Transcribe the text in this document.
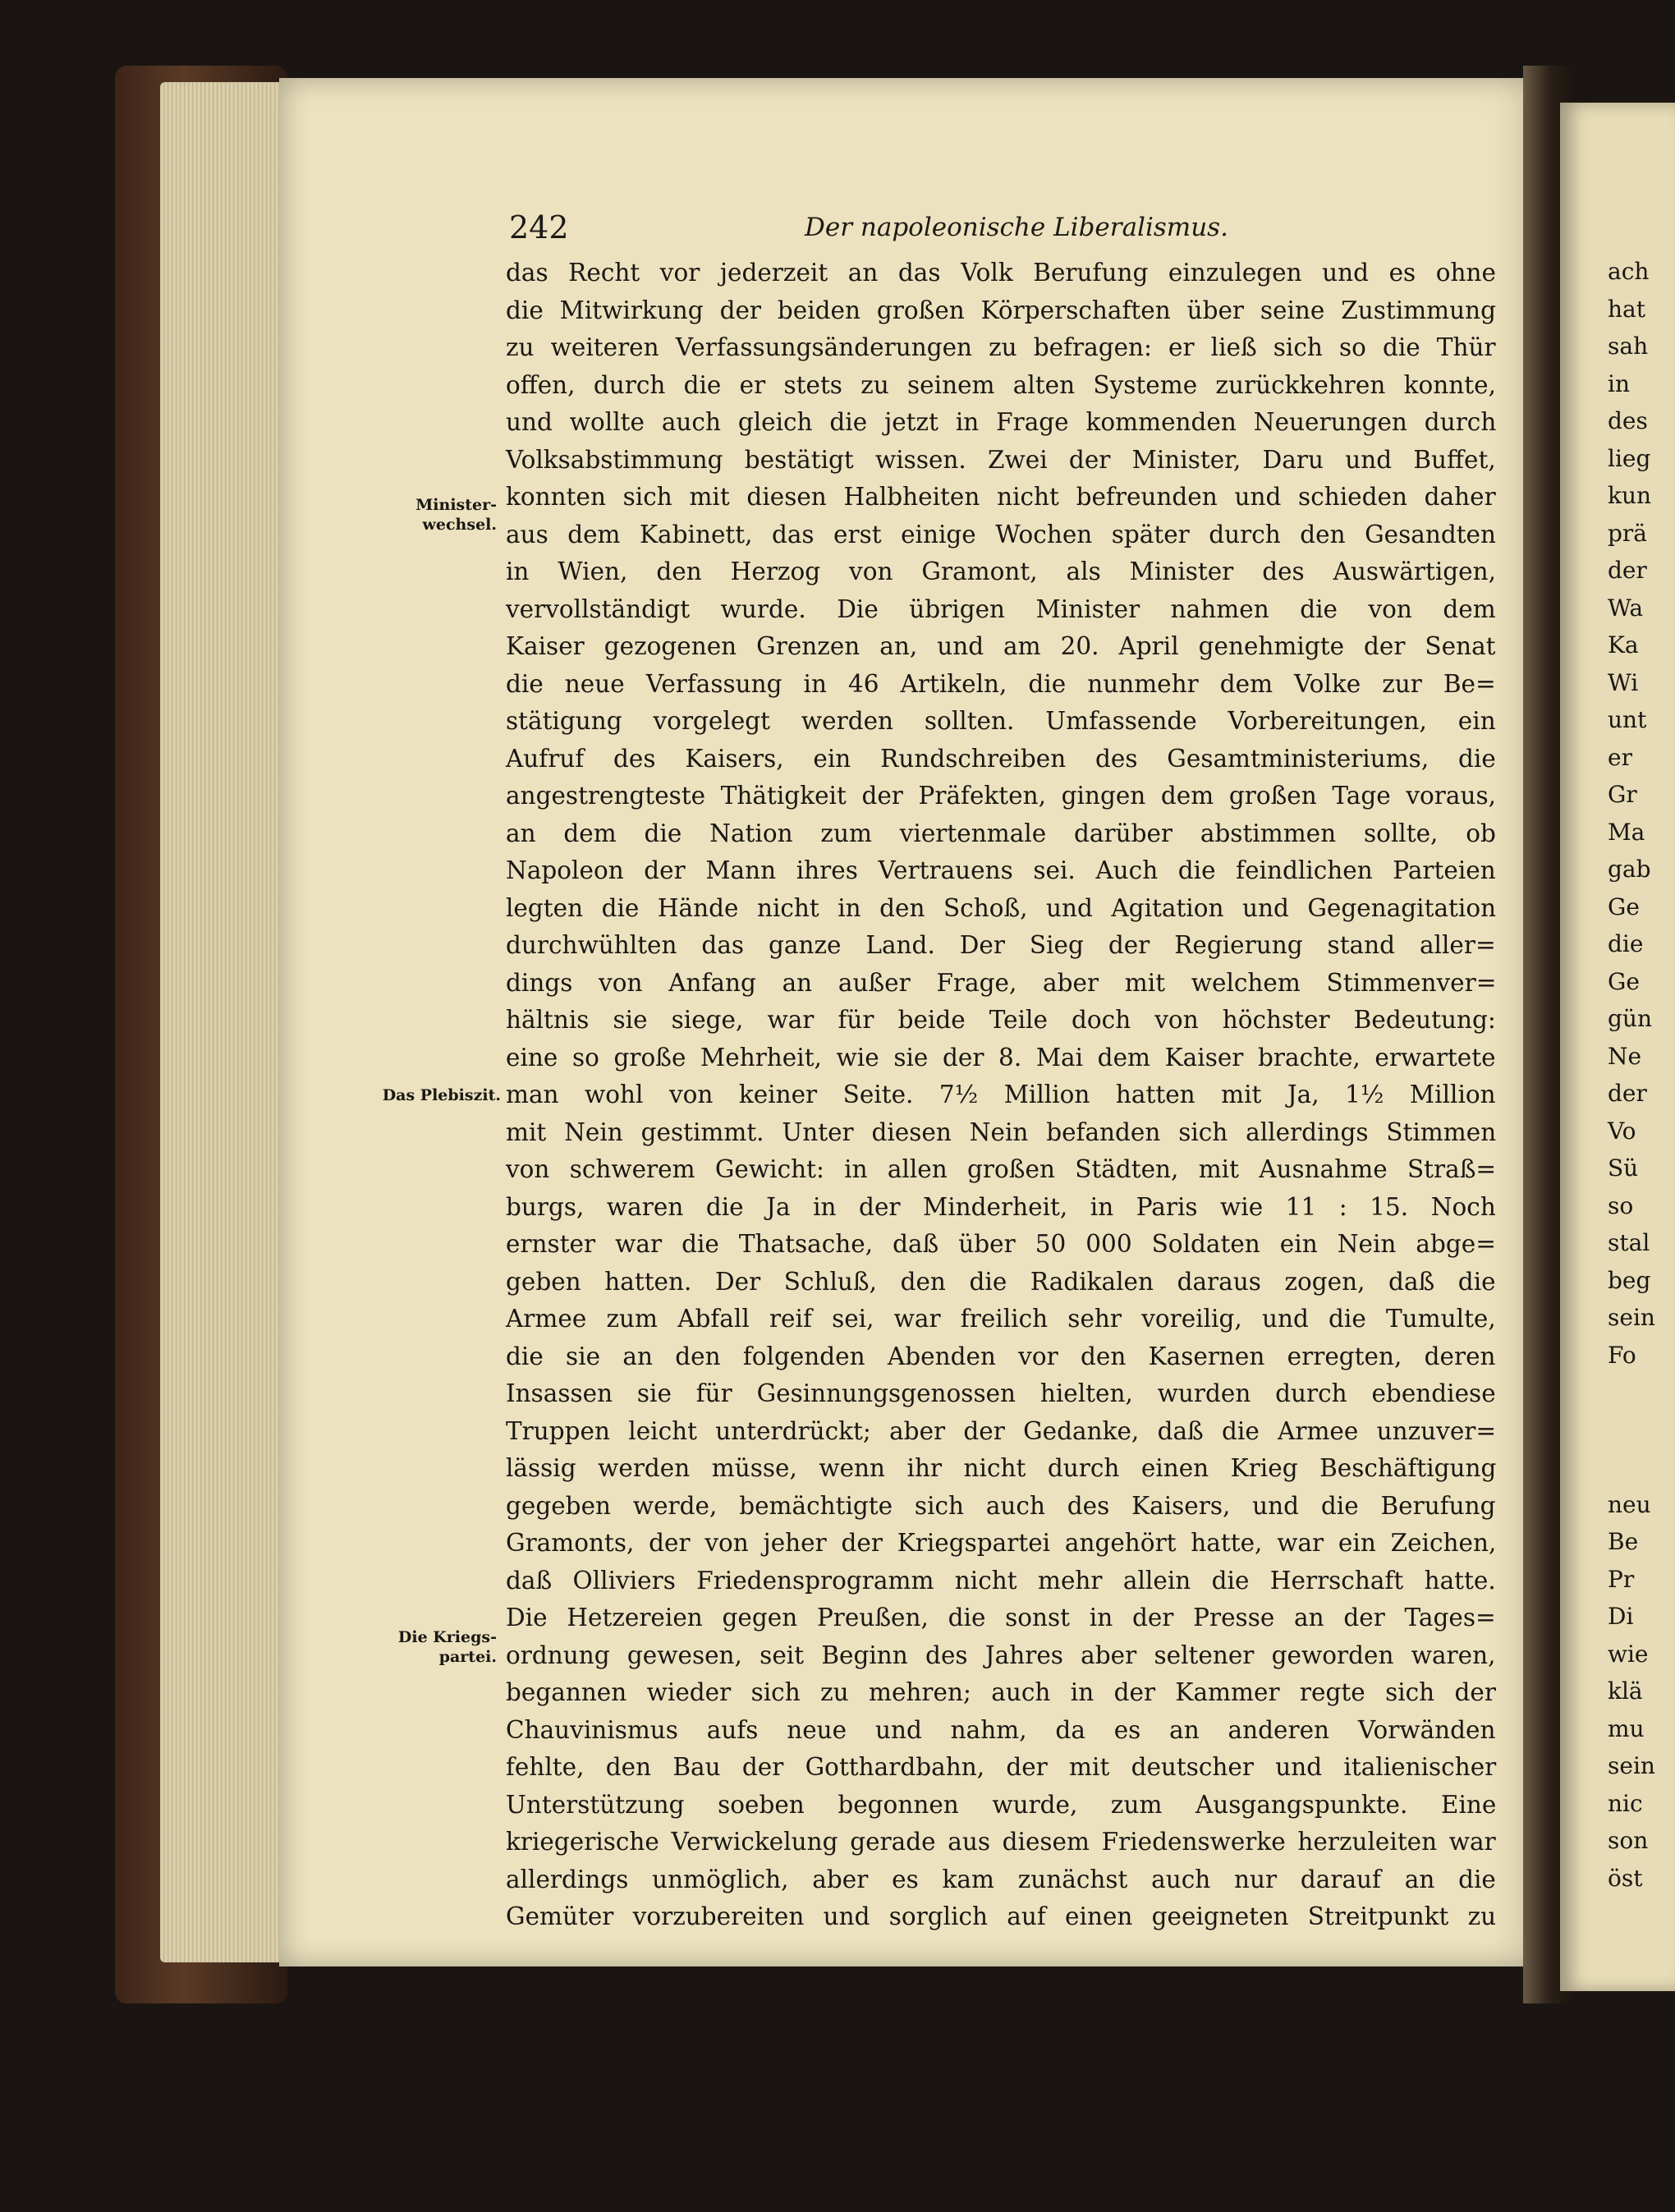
242	Der napoleonische Liberalismus.
Minister-
wechsel.
Das Plebiszit.
Die Kriegs-
partei.
das Recht vor jederzeit an das Volk Berufung einzulegen und es ohne
die Mitwirkung der beiden großen Körperschaften über seine Zustimmung
zu weiteren Verfassungsänderungen zu befragen: er ließ sich so die Thür
offen, durch die er stets zu seinem alten Systeme zurückkehren konnte,
und wollte auch gleich die jetzt in Frage kommenden Neuerungen durch
Volksabstimmung bestätigt wissen. Zwei der Minister, Daru und Buffet,
konnten sich mit diesen Halbheiten nicht befreunden und schieden daher
aus dem Kabinett, das erst einige Wochen später durch den Gesandten
in Wien, den Herzog von Gramont, als Minister des Auswärtigen,
vervollständigt wurde. Die übrigen Minister nahmen die von dem
Kaiser gezogenen Grenzen an, und am 20. April genehmigte der Senat
die neue Verfassung in 46 Artikeln, die nunmehr dem Volke zur Be=
stätigung vorgelegt werden sollten. Umfassende Vorbereitungen, ein
Aufruf des Kaisers, ein Rundschreiben des Gesamtministeriums, die
angestrengteste Thätigkeit der Präfekten, gingen dem großen Tage voraus,
an dem die Nation zum viertenmale darüber abstimmen sollte, ob
Napoleon der Mann ihres Vertrauens sei. Auch die feindlichen Parteien
legten die Hände nicht in den Schoß, und Agitation und Gegenagitation
durchwühlten das ganze Land. Der Sieg der Regierung stand aller=
dings von Anfang an außer Frage, aber mit welchem Stimmenver=
hältnis sie siege, war für beide Teile doch von höchster Bedeutung:
eine so große Mehrheit, wie sie der 8. Mai dem Kaiser brachte, erwartete
man wohl von keiner Seite. 7½ Million hatten mit Ja, 1½ Million
mit Nein gestimmt. Unter diesen Nein befanden sich allerdings Stimmen
von schwerem Gewicht: in allen großen Städten, mit Ausnahme Straß=
burgs, waren die Ja in der Minderheit, in Paris wie 11 : 15. Noch
ernster war die Thatsache, daß über 50 000 Soldaten ein Nein abge=
geben hatten. Der Schluß, den die Radikalen daraus zogen, daß die
Armee zum Abfall reif sei, war freilich sehr voreilig, und die Tumulte,
die sie an den folgenden Abenden vor den Kasernen erregten, deren
Insassen sie für Gesinnungsgenossen hielten, wurden durch ebendiese
Truppen leicht unterdrückt; aber der Gedanke, daß die Armee unzuver=
lässig werden müsse, wenn ihr nicht durch einen Krieg Beschäftigung
gegeben werde, bemächtigte sich auch des Kaisers, und die Berufung
Gramonts, der von jeher der Kriegspartei angehört hatte, war ein Zeichen,
daß Olliviers Friedensprogramm nicht mehr allein die Herrschaft hatte.
Die Hetzereien gegen Preußen, die sonst in der Presse an der Tages=
ordnung gewesen, seit Beginn des Jahres aber seltener geworden waren,
begannen wieder sich zu mehren; auch in der Kammer regte sich der
Chauvinismus aufs neue und nahm, da es an anderen Vorwänden
fehlte, den Bau der Gotthardbahn, der mit deutscher und italienischer
Unterstützung soeben begonnen wurde, zum Ausgangspunkte. Eine
kriegerische Verwickelung gerade aus diesem Friedenswerke herzuleiten war
allerdings unmöglich, aber es kam zunächst auch nur darauf an die
Gemüter vorzubereiten und sorglich auf einen geeigneten Streitpunkt zu
ach
hat
sah
in
des
lieg
kun
prä
der
Wa
Ka
Wi
unt
er
Gr
Ma
gab
Ge
die
Ge
gün
Ne
der
Vo
Sü
so
stal
beg
sein
Fo
neu
Be
Pr
Di
wie
klä
mu
sein
nic
son
öst
